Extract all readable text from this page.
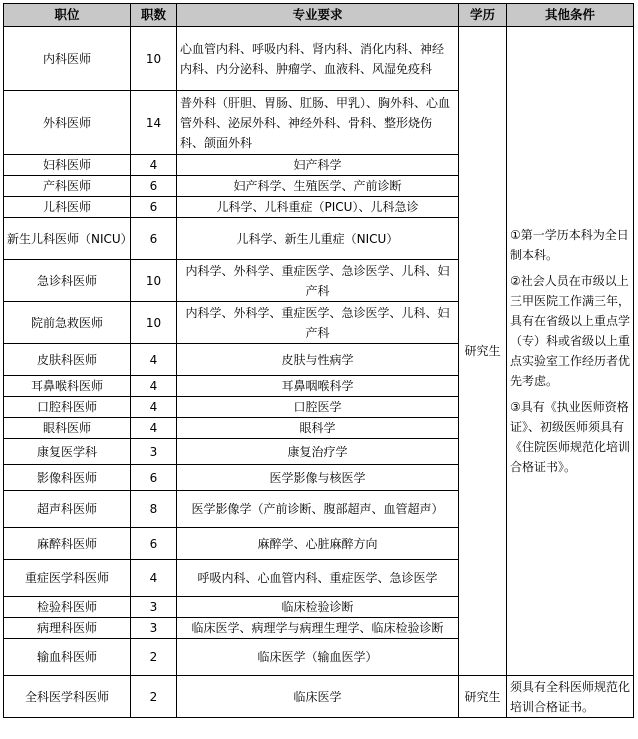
职位	职数	专业要求	学历	其他条件
内科医师	10	心血管内科、呼吸内科、肾内科、消化内科、神经内科、内分泌科、肿瘤学、血液科、风湿免疫科	研究生	①第一学历本科为全日制本科。

②社会人员在市级以上三甲医院工作满三年，具有在省级以上重点学（专）科或省级以上重点实验室工作经历者优先考虑。

③具有《执业医师资格证》、初级医师须具有《住院医师规范化培训合格证书》。

外科医师	14	普外科（肝胆、胃肠、肛肠、甲乳）、胸外科、心血管外科、泌尿外科、神经外科、骨科、整形烧伤科、颌面外科		
妇科医师	4	妇产科学		
产科医师	6	妇产科学、生殖医学、产前诊断		
儿科医师	6	儿科学、儿科重症（PICU）、儿科急诊		
新生儿科医师（NICU）	6	儿科学、新生儿重症（NICU）		
急诊科医师	10	内科学、外科学、重症医学、急诊医学、儿科、妇产科		
院前急救医师	10	内科学、外科学、重症医学、急诊医学、儿科、妇产科		
皮肤科医师	4	皮肤与性病学		
耳鼻喉科医师	4	耳鼻咽喉科学		
口腔科医师	4	口腔医学		
眼科医师	4	眼科学		
康复医学科	3	康复治疗学		
影像科医师	6	医学影像与核医学		
超声科医师	8	医学影像学（产前诊断、腹部超声、血管超声）		
麻醉科医师	6	麻醉学、心脏麻醉方向		
重症医学科医师	4	呼吸内科、心血管内科、重症医学、急诊医学		
检验科医师	3	临床检验诊断		
病理科医师	3	临床医学、病理学与病理生理学、临床检验诊断		
输血科医师	2	临床医学（输血医学）		
全科医学科医师	2	临床医学	研究生	须具有全科医师规范化培训合格证书。
